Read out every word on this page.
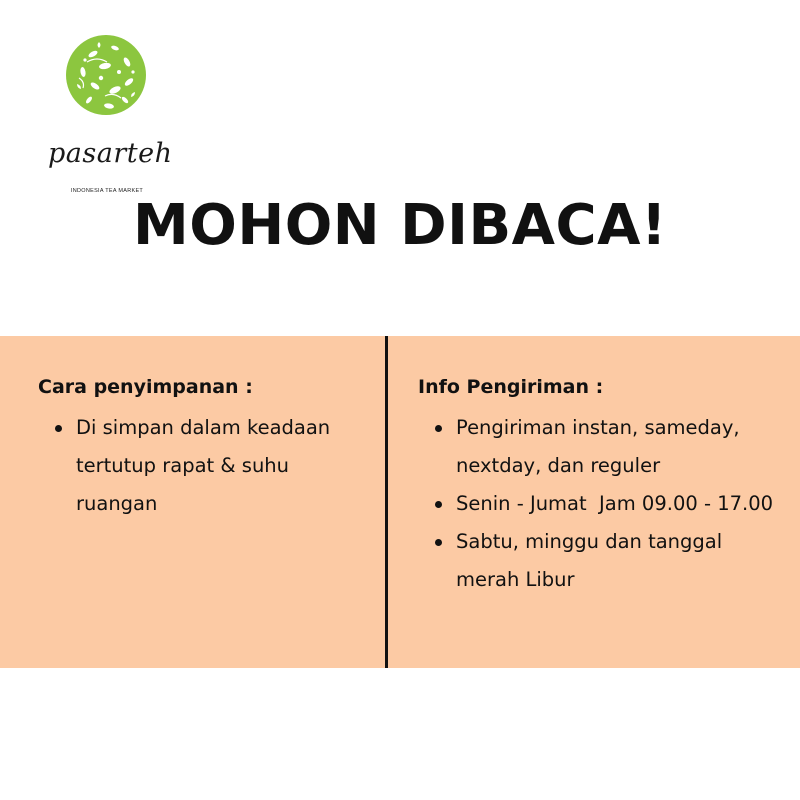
pasarteh
INDONESIA TEA MARKET
MOHON DIBACA!
Cara penyimpanan :
Di simpan dalam keadaan tertutup rapat & suhu ruangan
Info Pengiriman :
Pengiriman instan, sameday, nextday, dan reguler
Senin - Jumat  Jam 09.00 - 17.00
Sabtu, minggu dan tanggal merah Libur
